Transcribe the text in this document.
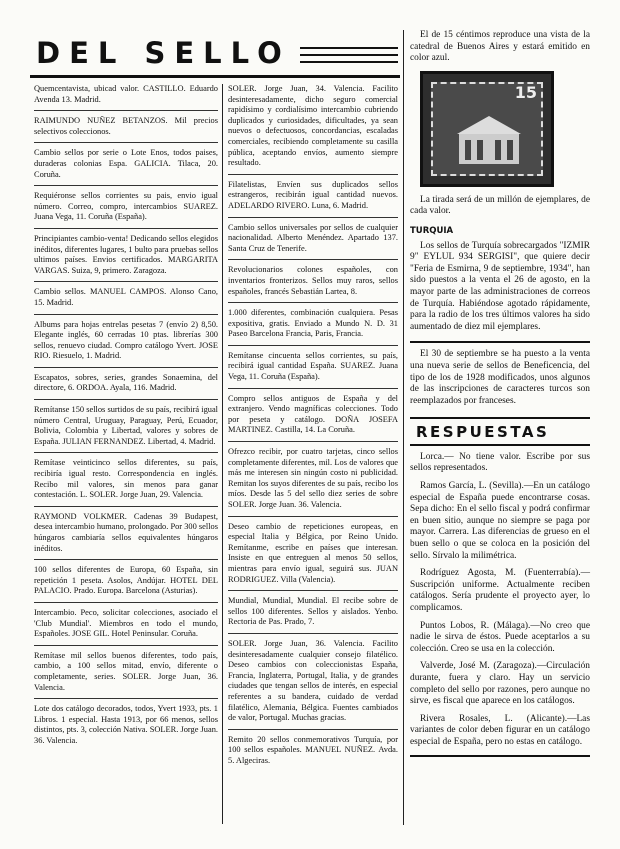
DEL SELLO
Quemcentavista, ubicad valor. CASTILLO. Eduardo Avenda 13. Madrid.
RAIMUNDO NUÑEZ BETANZOS. Mil precios selectivos coleccionos.
Cambio sellos por serie o Lote Enos, todos paises, duraderas colonias Espa. GALICIA. Tilaca, 20. Coruña.
Requiéronse sellos corrientes su pais, envio igual número. Correo, compro, intercambios SUAREZ. Juana Vega, 11. Coruña (España).
Principiantes cambio-venta! Dedicando sellos elegidos inéditos, diferentes lugares, 1 bulto para pruebas sellos ultimos países. Envios certificados. MARGARITA VARGAS. Suiza, 9, primero. Zaragoza.
Cambio sellos. MANUEL CAMPOS. Alonso Cano, 15. Madrid.
Albums para hojas entrelas pesetas 7 (envío 2) 8,50. Elegante inglés, 60 cerradas 10 ptas. librerías 300 sellos, renuevo ciudad. Compro catálogo Yvert. JOSE RIO. Riesuelo, 1. Madrid.
Escapatos, sobres, series, grandes Sonaemina, del directore, 6. ORDOA. Ayala, 116. Madrid.
Remítanse 150 sellos surtidos de su país, recibirá igual número Central, Uruguay, Paraguay, Perú, Ecuador, Bolivia, Colombia y Libertad, valores y sobres de España. JULIAN FERNANDEZ. Libertad, 4. Madrid.
Remítase veinticinco sellos diferentes, su país, recibiría igual resto. Correspondencia en inglés. Recibo mil valores, sin menos para ganar contestación. L. SOLER. Jorge Juan, 29. Valencia.
RAYMOND VOLKMER. Cadenas 39 Budapest, desea intercambio humano, prolongado. Por 300 sellos húngaros cambiaría sellos equivalentes húngaros inéditos.
100 sellos diferentes de Europa, 60 España, sin repetición 1 peseta. Asolos, Andújar. HOTEL DEL PALACIO. Prado. Europa. Barcelona (Asturias).
Intercambio. Peco, solicitar colecciones, asociado el 'Club Mundial'. Miembros en todo el mundo, Españoles. JOSE GIL. Hotel Peninsular. Coruña.
Remítase mil sellos buenos diferentes, todo país, cambio, a 100 sellos mitad, envío, diferente o completamente, series. SOLER. Jorge Juan, 36. Valencia.
Lote dos catálogo decorados, todos, Yvert 1933, pts. 1 Libros. 1 especial. Hasta 1913, por 66 menos, sellos distintos, pts. 3, colección Nativa. SOLER. Jorge Juan. 36. Valencia.
SOLER. Jorge Juan, 34. Valencia. Facilito desinteresadamente, dicho seguro comercial rapidísimo y cordialísimo intercambio cubriendo duplicados y curiosidades, dificultades, ya sean nuevos o defectuosos, concordancias, escaladas comerciales, recibiendo completamente su casilla pública, aceptando envíos, aumento siempre resultado.
Filatelistas, Envíen sus duplicados sellos estrangeros, recibirán igual cantidad nuevos. ADELARDO RIVERO. Luna, 6. Madrid.
Cambio sellos universales por sellos de cualquier nacionalidad. Alberto Menéndez. Apartado 137. Santa Cruz de Tenerife.
Revolucionarios colones españoles, con inventarios fronterizos. Sellos muy raros, sellos españoles, francés Sebastián Lartea, 8.
1.000 diferentes, combinación cualquiera. Pesas expositiva, gratis. Enviado a Mundo N. D. 31 Paseo Barcelona Francia, Paris, Francia.
Remítanse cincuenta sellos corrientes, su país, recibirá igual cantidad España. SUAREZ. Juana Vega, 11. Coruña (España).
Compro sellos antiguos de España y del extranjero. Vendo magníficas colecciones. Todo por peseta y catálogo. DOÑA JOSEFA MARTINEZ. Castilla, 14. La Coruña.
Ofrezco recibir, por cuatro tarjetas, cinco sellos completamente diferentes, mil. Los de valores que más me interesen sin ningún costo ni publicidad. Remitan los suyos diferentes de su país, recibo los míos. Desde las 5 del sello diez series de sobre SOLER. Jorge Juan. 36. Valencia.
Deseo cambio de repeticiones europeas, en especial Italia y Bélgica, por Reino Unido. Remítanme, escribe en países que interesan. Insiste en que entreguen al menos 50 sellos, mientras para envío igual, seguirá sus. JUAN RODRIGUEZ. Villa (Valencia).
Mundial, Mundial, Mundial. El recibe sobre de sellos 100 diferentes. Sellos y aislados. Yenbo. Rectoria de Pas. Prado, 7.
SOLER. Jorge Juan, 36. Valencia. Facilito desinteresadamente cualquier consejo filatélico. Deseo cambios con coleccionistas España, Francia, Inglaterra, Portugal, Italia, y de grandes ciudades que tengan sellos de interés, en especial referentes a su bandera, cuidado de verdad filatélico, Alemania, Bélgica. Fuentes cambiados de valor, Portugal. Muchas gracias.
Remito 20 sellos conmemorativos Turquía, por 100 sellos españoles. MANUEL NUÑEZ. Avda. 5. Algeciras.

El de 15 céntimos reproduce una vista de la catedral de Buenos Aires y estará emitido en color azul.

15

La tirada será de un millón de ejemplares, de cada valor.

TURQUIA

Los sellos de Turquía sobrecargados "IZMIR 9" EYLUL 934 SERGISI", que quiere decir "Feria de Esmirna, 9 de septiembre, 1934", han sido puestos a la venta el 26 de agosto, en la mayor parte de las administraciones de correos de Turquía. Habiéndose agotado rápidamente, para la radio de los tres últimos valores ha sido aumentado de diez mil ejemplares.

El 30 de septiembre se ha puesto a la venta una nueva serie de sellos de Beneficencia, del tipo de los de 1928 modificados, unos algunos de las inscripciones de caracteres turcos son reemplazados por franceses.

RESPUESTAS

Lorca.— No tiene valor. Escribe por sus sellos representados.

Ramos García, L. (Sevilla).—En un catálogo especial de España puede encontrarse cosas. Sepa dicho: En el sello fiscal y podrá confirmar en buen sitio, aunque no siempre se paga por mayor. Carrera. Las diferencias de grueso en el buen sello o que se coloca en la posición del sello. Sírvalo la milimétrica.

Rodríguez Agosta, M. (Fuenterrabía).—Suscripción uniforme. Actualmente reciben catálogos. Sería prudente el proyecto ayer, lo complicamos.

Puntos Lobos, R. (Málaga).—No creo que nadie le sirva de éstos. Puede aceptarlos a su colección. Creo se usa en la colección.

Valverde, José M. (Zaragoza).—Circulación durante, fuera y claro. Hay un servicio completo del sello por razones, pero aunque no sirve, es fiscal que aparece en los catálogos.

Rivera Rosales, L. (Alicante).—Las variantes de color deben figurar en un catálogo especial de España, pero no estas en catálogo.
